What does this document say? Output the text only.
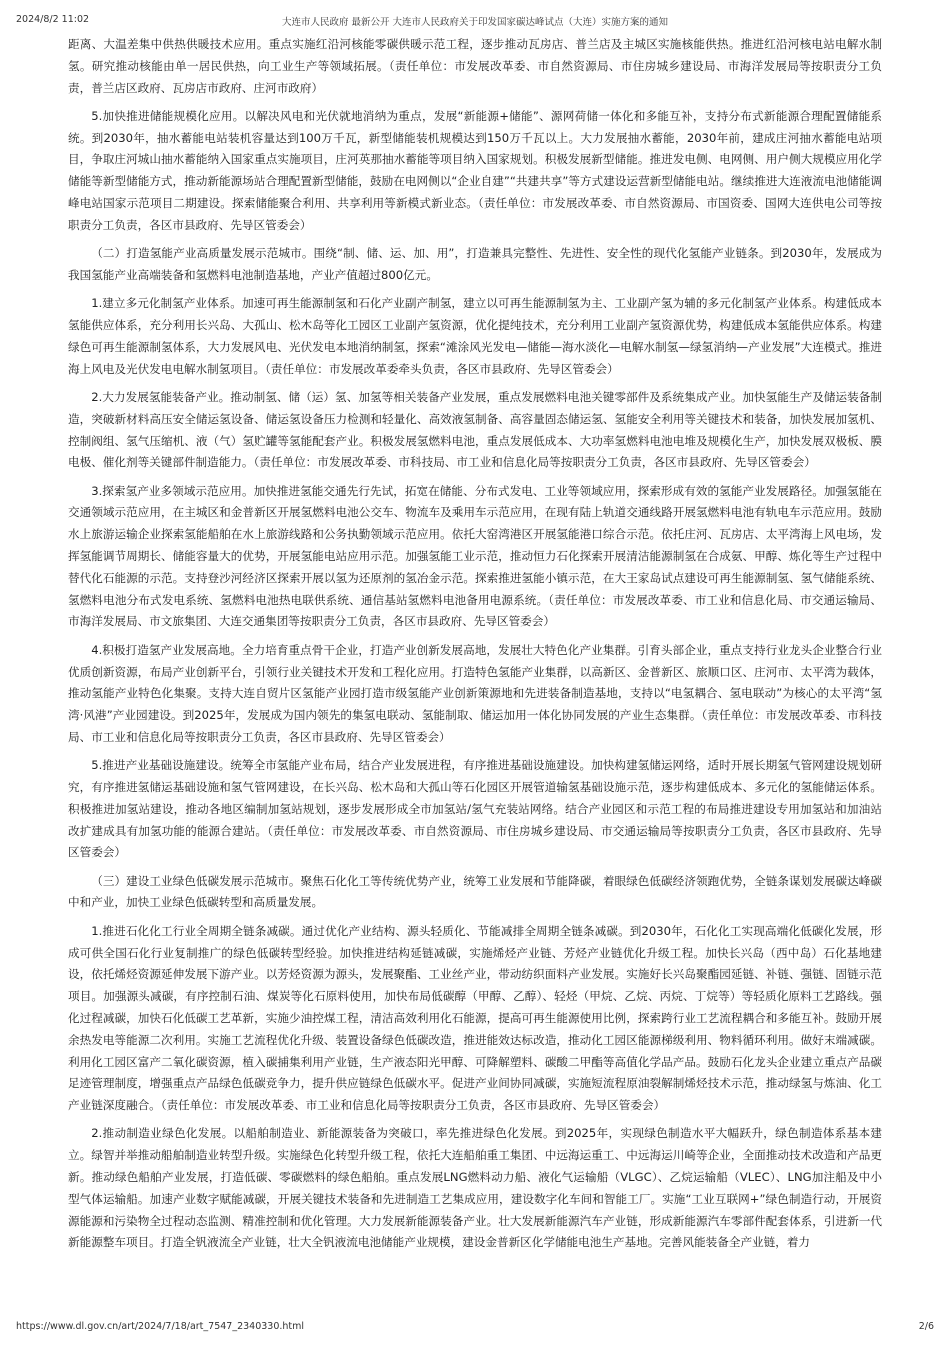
2024/8/2 11:02	大连市人民政府 最新公开 大连市人民政府关于印发国家碳达峰试点（大连）实施方案的通知

距离、大温差集中供热供暖技术应用。重点实施红沿河核能零碳供暖示范工程，逐步推动瓦房店、普兰店及主城区实施核能供热。推进红沿河核电站电解水制氢。研究推动核能由单一居民供热，向工业生产等领域拓展。（责任单位：市发展改革委、市自然资源局、市住房城乡建设局、市海洋发展局等按职责分工负责，普兰店区政府、瓦房店市政府、庄河市政府）

5.加快推进储能规模化应用。以解决风电和光伏就地消纳为重点，发展“新能源+储能”、源网荷储一体化和多能互补，支持分布式新能源合理配置储能系统。到2030年，抽水蓄能电站装机容量达到100万千瓦，新型储能装机规模达到150万千瓦以上。大力发展抽水蓄能，2030年前，建成庄河抽水蓄能电站项目，争取庄河城山抽水蓄能纳入国家重点实施项目，庄河英那抽水蓄能等项目纳入国家规划。积极发展新型储能。推进发电侧、电网侧、用户侧大规模应用化学储能等新型储能方式，推动新能源场站合理配置新型储能，鼓励在电网侧以“企业自建”“共建共享”等方式建设运营新型储能电站。继续推进大连液流电池储能调峰电站国家示范项目二期建设。探索储能聚合利用、共享利用等新模式新业态。（责任单位：市发展改革委、市自然资源局、市国资委、国网大连供电公司等按职责分工负责，各区市县政府、先导区管委会）

（二）打造氢能产业高质量发展示范城市。围绕“制、储、运、加、用”，打造兼具完整性、先进性、安全性的现代化氢能产业链条。到2030年，发展成为我国氢能产业高端装备和氢燃料电池制造基地，产业产值超过800亿元。

1.建立多元化制氢产业体系。加速可再生能源制氢和石化产业副产制氢，建立以可再生能源制氢为主、工业副产氢为辅的多元化制氢产业体系。构建低成本氢能供应体系，充分利用长兴岛、大孤山、松木岛等化工园区工业副产氢资源，优化提纯技术，充分利用工业副产氢资源优势，构建低成本氢能供应体系。构建绿色可再生能源制氢体系，大力发展风电、光伏发电本地消纳制氢，探索“滩涂风光发电—储能—海水淡化—电解水制氢—绿氢消纳—产业发展”大连模式。推进海上风电及光伏发电电解水制氢项目。（责任单位：市发展改革委牵头负责，各区市县政府、先导区管委会）

2.大力发展氢能装备产业。推动制氢、储（运）氢、加氢等相关装备产业发展，重点发展燃料电池关键零部件及系统集成产业。加快氢能生产及储运装备制造，突破新材料高压安全储运氢设备、储运氢设备压力检测和轻量化、高效液氢制备、高容量固态储运氢、氢能安全利用等关键技术和装备，加快发展加氢机、控制阀组、氢气压缩机、液（气）氢贮罐等氢能配套产业。积极发展氢燃料电池，重点发展低成本、大功率氢燃料电池电堆及规模化生产，加快发展双极板、膜电极、催化剂等关键部件制造能力。（责任单位：市发展改革委、市科技局、市工业和信息化局等按职责分工负责，各区市县政府、先导区管委会）

3.探索氢产业多领域示范应用。加快推进氢能交通先行先试，拓宽在储能、分布式发电、工业等领域应用，探索形成有效的氢能产业发展路径。加强氢能在交通领域示范应用，在主城区和金普新区开展氢燃料电池公交车、物流车及乘用车示范应用，在现有陆上轨道交通线路开展氢燃料电池有轨电车示范应用。鼓励水上旅游运输企业探索氢能船舶在水上旅游线路和公务执勤领域示范应用。依托大窑湾港区开展氢能港口综合示范。依托庄河、瓦房店、太平湾海上风电场，发挥氢能调节周期长、储能容量大的优势，开展氢能电站应用示范。加强氢能工业示范，推动恒力石化探索开展清洁能源制氢在合成氨、甲醇、炼化等生产过程中替代化石能源的示范。支持登沙河经济区探索开展以氢为还原剂的氢冶金示范。探索推进氢能小镇示范，在大王家岛试点建设可再生能源制氢、氢气储能系统、氢燃料电池分布式发电系统、氢燃料电池热电联供系统、通信基站氢燃料电池备用电源系统。（责任单位：市发展改革委、市工业和信息化局、市交通运输局、市海洋发展局、市文旅集团、大连交通集团等按职责分工负责，各区市县政府、先导区管委会）

4.积极打造氢产业发展高地。全力培育重点骨干企业，打造产业创新发展高地，发展壮大特色化产业集群。引育头部企业，重点支持行业龙头企业整合行业优质创新资源，布局产业创新平台，引领行业关键技术开发和工程化应用。打造特色氢能产业集群，以高新区、金普新区、旅顺口区、庄河市、太平湾为载体，推动氢能产业特色化集聚。支持大连自贸片区氢能产业园打造市级氢能产业创新策源地和先进装备制造基地，支持以“电氢耦合、氢电联动”为核心的太平湾“氢湾·风港”产业园建设。到2025年，发展成为国内领先的集氢电联动、氢能制取、储运加用一体化协同发展的产业生态集群。（责任单位：市发展改革委、市科技局、市工业和信息化局等按职责分工负责，各区市县政府、先导区管委会）

5.推进产业基础设施建设。统筹全市氢能产业布局，结合产业发展进程，有序推进基础设施建设。加快构建氢储运网络，适时开展长期氢气管网建设规划研究，有序推进氢储运基础设施和氢气管网建设，在长兴岛、松木岛和大孤山等石化园区开展管道输氢基础设施示范，逐步构建低成本、多元化的氢能储运体系。积极推进加氢站建设，推动各地区编制加氢站规划，逐步发展形成全市加氢站/氢气充装站网络。结合产业园区和示范工程的布局推进建设专用加氢站和加油站改扩建成具有加氢功能的能源合建站。（责任单位：市发展改革委、市自然资源局、市住房城乡建设局、市交通运输局等按职责分工负责，各区市县政府、先导区管委会）

（三）建设工业绿色低碳发展示范城市。聚焦石化化工等传统优势产业，统筹工业发展和节能降碳，着眼绿色低碳经济领跑优势，全链条谋划发展碳达峰碳中和产业，加快工业绿色低碳转型和高质量发展。

1.推进石化化工行业全周期全链条减碳。通过优化产业结构、源头轻质化、节能减排全周期全链条减碳。到2030年，石化化工实现高端化低碳化发展，形成可供全国石化行业复制推广的绿色低碳转型经验。加快推进结构延链减碳，实施烯烃产业链、芳烃产业链优化升级工程。加快长兴岛（西中岛）石化基地建设，依托烯烃资源延伸发展下游产业。以芳烃资源为源头，发展聚酯、工业丝产业，带动纺织面料产业发展。实施好长兴岛聚酯园延链、补链、强链、固链示范项目。加强源头减碳，有序控制石油、煤炭等化石原料使用，加快布局低碳醇（甲醇、乙醇）、轻烃（甲烷、乙烷、丙烷、丁烷等）等轻质化原料工艺路线。强化过程减碳，加快石化低碳工艺革新，实施少油控煤工程，清洁高效利用化石能源，提高可再生能源使用比例，探索跨行业工艺流程耦合和多能互补。鼓励开展余热发电等能源二次利用。实施工艺流程优化升级、装置设备绿色低碳改造，推进能效达标改造，推动化工园区能源梯级利用、物料循环利用。做好末端减碳。利用化工园区富产二氧化碳资源，植入碳捕集利用产业链，生产液态阳光甲醇、可降解塑料、碳酸二甲酯等高值化学品产品。鼓励石化龙头企业建立重点产品碳足迹管理制度，增强重点产品绿色低碳竞争力，提升供应链绿色低碳水平。促进产业间协同减碳，实施短流程原油裂解制烯烃技术示范，推动绿氢与炼油、化工产业链深度融合。（责任单位：市发展改革委、市工业和信息化局等按职责分工负责，各区市县政府、先导区管委会）

2.推动制造业绿色化发展。以船舶制造业、新能源装备为突破口，率先推进绿色化发展。到2025年，实现绿色制造水平大幅跃升，绿色制造体系基本建立。绿智并举推动船舶制造业转型升级。实施绿色化转型升级工程，依托大连船舶重工集团、中远海运重工、中远海运川崎等企业，全面推动技术改造和产品更新。推动绿色船舶产业发展，打造低碳、零碳燃料的绿色船舶。重点发展LNG燃料动力船、液化气运输船（VLGC）、乙烷运输船（VLEC）、LNG加注船及中小型气体运输船。加速产业数字赋能减碳，开展关键技术装备和先进制造工艺集成应用，建设数字化车间和智能工厂。实施“工业互联网+”绿色制造行动，开展资源能源和污染物全过程动态监测、精准控制和优化管理。大力发展新能源装备产业。壮大发展新能源汽车产业链，形成新能源汽车零部件配套体系，引进新一代新能源整车项目。打造全钒液流全产业链，壮大全钒液流电池储能产业规模，建设金普新区化学储能电池生产基地。完善风能装备全产业链，着力

https://www.dl.gov.cn/art/2024/7/18/art_7547_2340330.html	2/6
